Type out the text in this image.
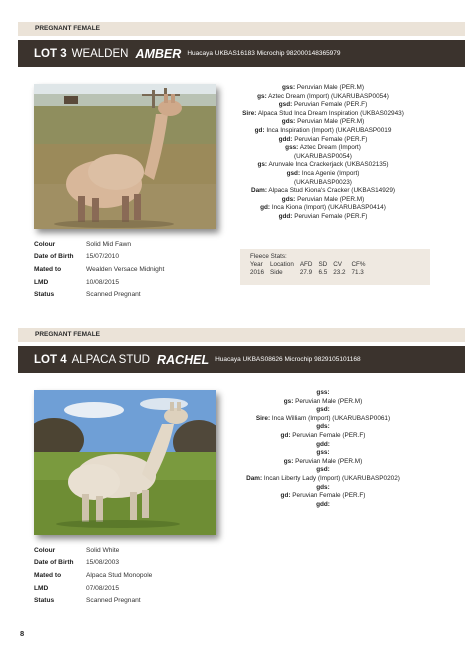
PREGNANT FEMALE
LOT 3 WEALDEN AMBER Huacaya UKBAS16183 Microchip 982000148365979
gss: Peruvian Male (PER.M)
gs: Aztec Dream (Import) (UKARUBASP0054)
gsd: Peruvian Female (PER.F)
Sire: Alpaca Stud Inca Dream Inspiration (UKBAS02943)
gds: Peruvian Male (PER.M)
gd: Inca Inspiration (Import) (UKARUBASP0019
gdd: Peruvian Female (PER.F)
gss: Aztec Dream (Import)
(UKARUBASP0054)
gs: Arunvale Inca Crackerjack (UKBAS02135)
gsd: Inca Agenie (Import)
(UKARUBASP0023)
Dam: Alpaca Stud Kiona's Cracker (UKBAS14929)
gds: Peruvian Male (PER.M)
gd: Inca Kiona (Import) (UKARUBASP0414)
gdd: Peruvian Female (PER.F)
Colour	Solid Mid Fawn
Date of Birth	15/07/2010
Mated to	Wealden Versace Midnight
LMD	10/08/2015
Status	Scanned Pregnant
Fleece Stats:
Year	Location	AFD	SD	CV	CF%
2016	Side	27.9	6.5	23.2	71.3
PREGNANT FEMALE
LOT 4 ALPACA STUD RACHEL Huacaya UKBAS08626 Microchip 9829105101168
gss:
gs: Peruvian Male (PER.M)
gsd:
Sire: Inca William (Import) (UKARUBASP0061)
gds:
gd: Peruvian Female (PER.F)
gdd:
gss:
gs: Peruvian Male (PER.M)
gsd:
Dam: Incan Liberty Lady (Import) (UKARUBASP0202)
gds:
gd: Peruvian Female (PER.F)
gdd:
Colour	Solid White
Date of Birth	15/08/2003
Mated to	Alpaca Stud Monopole
LMD	07/08/2015
Status	Scanned Pregnant
8
